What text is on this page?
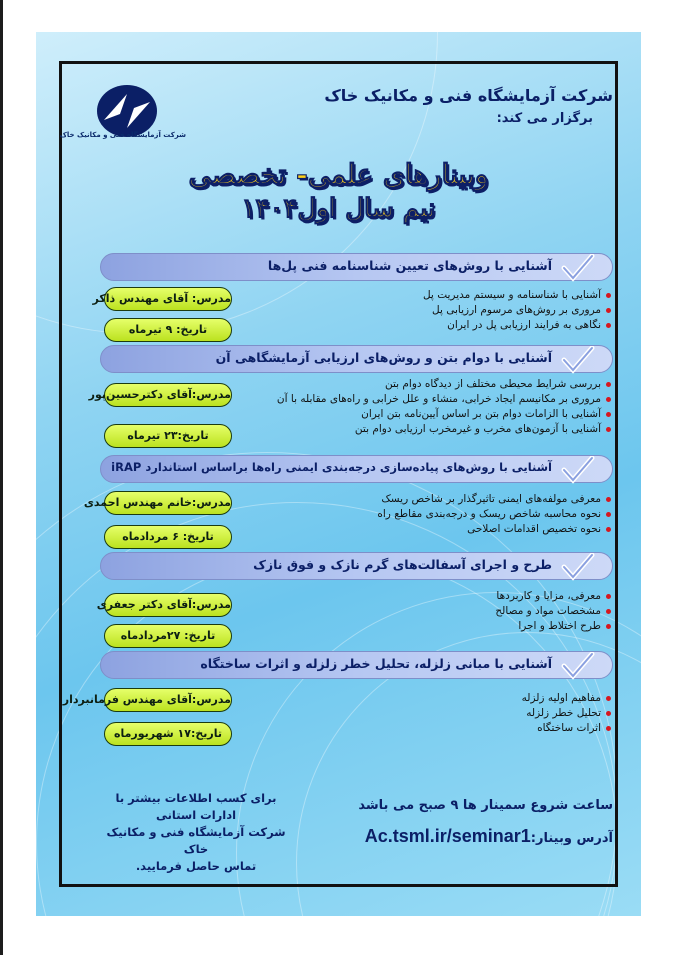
شرکت آزمایشگاه فنی و مکانیک خاک
شرکت آزمایشگاه فنی و مکانیک خاک
برگزار می کند:
وبینارهای علمی- تخصصی
نیم سال اول۱۴۰۴
آشنایی با روش‌های تعیین شناسنامه فنی پل‌ها
آشنایی با شناسنامه و سیستم مدیریت پل
مروری بر روش‌های مرسوم ارزیابی پل
نگاهی به فرایند ارزیابی پل در ایران
مدرس: آقای مهندس ذاکر
تاریخ: ۹ تیرماه
آشنایی با دوام بتن و روش‌های ارزیابی آزمایشگاهی آن
بررسی شرایط محیطی مختلف از دیدگاه دوام بتن
مروری بر مکانیسم ایجاد خرابی، منشاء و علل خرابی و راه‌های مقابله با آن
آشنایی با الزامات دوام بتن بر اساس آیین‌نامه بتن ایران
آشنایی با آزمون‌های مخرب و غیرمخرب ارزیابی دوام بتن
مدرس:آقای دکترحسین‌پور
تاریخ:۲۳ تیرماه
آشنایی با روش‌های پیاده‌سازی درجه‌بندی ایمنی راه‌ها براساس استاندارد iRAP
معرفی مولفه‌های ایمنی تاثیرگذار بر شاخص ریسک
نحوه محاسبه شاخص ریسک و درجه‌بندی مقاطع راه
نحوه تخصیص اقدامات اصلاحی
مدرس:خانم مهندس احمدی
تاریخ: ۶ مردادماه
طرح و اجرای آسفالت‌های گرم نازک و فوق نازک
معرفی، مزایا و کاربردها
مشخصات مواد و مصالح
طرح اختلاط و اجرا
مدرس:آقای دکتر جعفری
تاریخ: ۲۷مردادماه
آشنایی با مبانی زلزله، تحلیل خطر زلزله و اثرات ساختگاه
مفاهیم اولیه زلزله
تحلیل خطر زلزله
اثرات ساختگاه
مدرس:آقای مهندس فرمانبردار
تاریخ:۱۷ شهریورماه
برای کسب اطلاعات بیشتر با ادارات استانی
شرکت آزمایشگاه فنی و مکانیک خاک
تماس حاصل فرمایید.
ساعت شروع سمینار ها ۹ صبح می باشد
آدرس وبینار:Ac.tsml.ir/seminar1
